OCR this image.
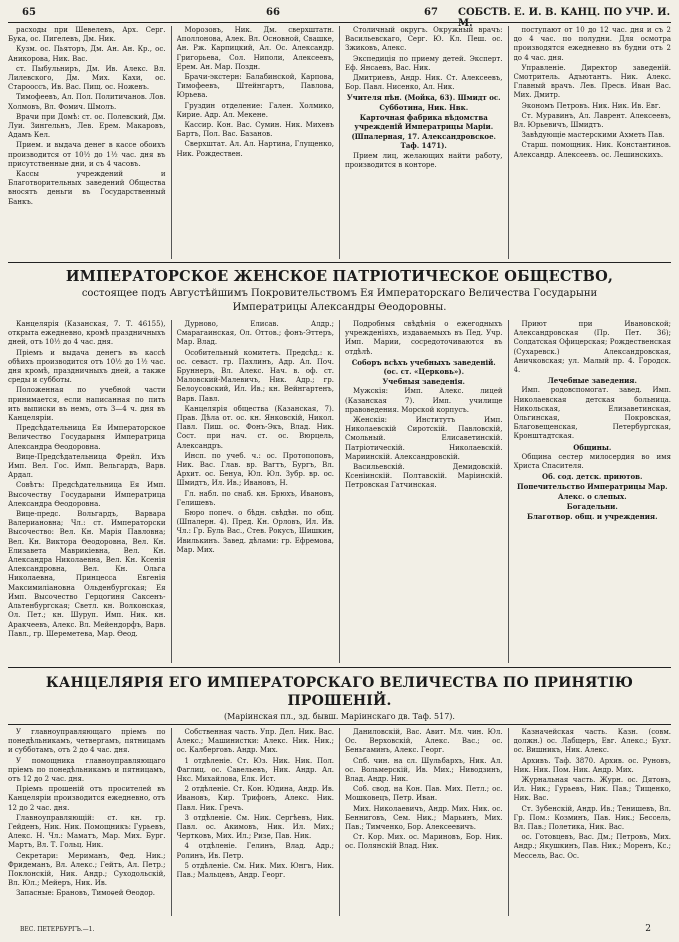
65	66	67 СОБСТВ. Е. И. В. КАНЦ. ПО УЧР. И. М.

расходы при Шевелевъ, Арх. Серг. Бука, ос. Пигелевъ, Дм. Ник.

Кузм. ос. Пьяторъ, Дм. Ан. Ан. Кр., ос. Аникорова, Ник. Вас.

ст. Пыбульниръ, Дм. Ив. Алекс. Вл. Лилевского, Дм. Мих. Кахи, ос. Старооссъ, Ив. Вас. Пищ. ос. Ножевъ.

Тимофеевъ, Ал. Пол. Политичанов. Лов. Холмовъ, Вл. Фомич. Шмолъ.

Врачи при Домѣ: ст. ос. Полевский, Дм. Луи. Зингельнъ, Лев. Ерем. Макаровъ, Адамъ Кел.

Прием. и выдача денег в кассе обоихъ производится от 10½ до 1½ час. дня въ присутственные дни, и съ 4 часовъ.

Кассы учреждений и Благотворительных заведений Общества вносятъ деньги въ Государственный Банкъ.

Морозовъ, Ник. Дм. сверхштатн. Аполлонова, Алек. Вл. Основной, Свашке, Ан. Рж. Карпицкий, Ал. Ос. Александр. Григорьева, Сол. Ниполи, Алексеевъ, Ерем. Ан. Мар. Поздн.

Брачи-экстерн: Балабинской, Карпова, Тимофеевъ, Штейнгартъ, Павлова, Юрьева.

Груздин отделение: Гален. Холмико, Кирие. Адр. Ал. Мекене.

Кассир. Кон. Вас. Сумин. Ник. Михевъ Бартъ, Пол. Вас. Базанов.

Сверхштат. Ал. Ал. Нартина, Глущенко, Ник. Рождествен.

Столичный округъ. Окружный врачъ: Васильевскаго, Серг. Ю. Кл. Пеш. ос. Зжиковъ, Алекс.

Экспедиція по приему детей. Эксперт. Еф. Янсаевъ, Вас. Ник.

Дмитриевъ, Андр. Ник. Ст. Алексеевъ, Бор. Павл. Нисенко, Ал. Ник.

Учителя пѣн. (Мойка, 63). Шмидт ос. Субботина, Ник. Нвк.

Карточная фабрика вѣдомства учрежденій Императрицы Маріи.

(Шпалерная, 17. Александровское. Таф. 1471).

Прием лиц, желающих найти работу, производится в конторе.

поступают от 10 до 12 час. дня и съ 2 до 4 час. по полудни. Для осмотра производятся ежедневно въ будни отъ 2 до 4 час. дня.

Управленіе. Директор заведеній. Смотритель. Адъютантъ. Ник. Алекс. Главный врачъ. Лев. Пресв. Иван Вас. Мих. Дмитр.

Экономъ Петровъ. Ник. Ник. Ив. Евг.

Ст. Муравинъ, Ал. Лаврент. Алексеевъ, Вл. Юрьевичъ, Шмидтъ.

Завѣдующіе мастерскими Ахметь Пав.

Старш. помощник. Ник. Константинов. Александр. Алексеевъ. ос. Лешинскихъ.

ИМПЕРАТОРСКОЕ ЖЕНСКОЕ ПАТРІОТИЧЕСКОЕ ОБЩЕСТВО,
состоящее подъ Августѣйшимъ Покровительствомъ Ея Императорскаго Величества Государыни
Императрицы Александры Ѳеодоровны.

Канцелярія (Казанская, 7. Т. 46155), открыта ежедневно, кромѣ праздничныхъ дней, отъ 10½ до 4 час. дня.

Пріемъ и выдача денегъ въ кассѣ обѣихъ производится отъ 10½ до 1½ час. дня кромѣ, праздничныхъ дней, а также среды и субботы.

Положенная по учебной части принимается, если написанная по пить ить выписки въ немъ, отъ 3—4 ч. дня въ Канцеляріи.

Предсѣдательница Ея Императорское Величество Государыня Императрица Александра Ѳеодоровна.

Вице-Предсѣдательница Фрейл. Ихъ Имп. Вел. Гос. Имп. Вельгардъ, Варв. Ардал.

Совѣтъ: Предсѣдательница Ея Имп. Высочеству Государыни Императрица Александра Ѳеодоровна.

Вице-предс. Вольгардъ, Варвара Валериановна; Чл.: ст. Императорски Высочество: Вел. Кн. Марія Павловна; Вел. Кн. Виктора Ѳеодоровна, Вел. Кн. Елизавета Маврикіевна, Вел. Кн. Александра Николаевна, Вел. Кн. Ксенія Александровна, Вел. Кн. Ольга Николаевна, Принцесса Евгенія Максимиліановна Ольденбургская; Ея Имп. Высочество Герцогиня Саксенъ-Альтенбургская; Светл. кн. Волконская, Ол. Пет.; кн. Шуруп. Имп. Ник. кн. Аракчеевъ, Алекс. Вл. Мейендорфъ, Варв. Павл., гр. Шереметева, Мар. Ѳеод.

Дурново, Елисав. Алдр.; Смарагаинская, Ол. Оттов.; фонъ-Эттеръ, Мар. Влад.

Особительный комитетъ. Предсѣд.: к. ос. севаст. гр. Пахлинъ, Адр. Ал. Поч. Бруннеръ, Вл. Алекс. Нач. в. оф. ст. Маловский-Малевичъ, Ник. Адр.; гр. Белоусовский, Ил. Ив.; кн. Вейнгартенъ, Варв. Павл.

Канцелярія общества (Казанская, 7). Прав. Дѣла от. ос. кн. Янковскій, Никол. Павл. Пиш. ос. Фонъ-Экъ, Влад. Ник. Сост. при нач. ст. ос. Вюрцель, Александръ.

Инсп. по учеб. ч.: ос. Протопоповъ, Ник. Вас. Глав. вр. Вагтъ, Бургъ, Вл. Архит. ос. Бенуа, Юл. Юл. Зубр. вр. ос. Шмидтъ, Ил. Ив.; Ивановъ, Н.

Гл. набл. по снаб. кн. Брюхъ, Ивановъ, Гелишевъ.

Бюро попеч. о бѣдн. свѣдѣн. по общ. (Шпалерн. 4). Пред. Кн. Орловъ, Ил. Ив. Чл.: Гр. Буль Вас., Стев. Рокусъ, Шишкин, Ивилькинъ. Завед. дѣлами: гр. Ефремова, Мар. Мих.

Подробныя свѣдѣнія о ежегодныхъ учрежденіяхъ, издаваемыхъ въ Пед. Учр. Имп. Марии, сосредоточиваются въ отдѣлѣ.

Соборъ всѣхъ учебныхъ заведеній. (ос. ст. «Церковь»).

Учебныя заведенія.

Мужскія: Имп. Алекс. лицей (Казанская 7). Имп. училище правоведения. Морской корпусъ.

Женскія: Институтъ Имп. Николаевскій Сиротскій. Павловскій, Смольный. Елисаветинскій. Патріотическій. Николаевскій. Мариинскій. Александровскій.

Васильевскій. Демидовскій. Ксеніинскій. Полтавскій. Маріинскій. Петровская Гатчинская.

Приют при Ивановской; Александровская (Пр. Пет. 36); Солдатская Офицерская; Рождественская (Сухаревск.) Александровская, Аничковская; ул. Малый пр. 4. Городск. 4.

Лечебные заведения.

Имп. родовспомогат. завед. Имп. Николаевская детская больница. Никольская, Елизаветинская, Ольгинская, Покровская, Благовещенская, Петербургская, Кронштадтская.

Общины.

Община сестер милосердия во имя Христа Спасителя.

Об. сод. детск. приютов.

Попечительство Императрицы Мар. Алекс. о слепых.

Богадельни.

Благотвор. общ. и учреждения.

КАНЦЕЛЯРІЯ ЕГО ИМПЕРАТОРСКАГО ВЕЛИЧЕСТВА ПО ПРИНЯТІЮ ПРОШЕНІЙ.
(Маріинская пл., зд. бывш. Маріинскаго дв. Таф. 517).

У главноуправляющаго пріемъ по понедѣльникамъ, четвергамъ, пятницамъ и субботамъ, отъ 2 до 4 час. дня.

У помощника главноуправляющаго пріемъ по понедѣльникамъ и пятницамъ, отъ 12 до 2 час. дня.

Пріемъ прошеній отъ просителей въ Канцеляріи производится ежедневно, отъ 12 до 2 час. дня.

Главноуправляющій: ст. кн. гр. Гейденъ, Ник. Ник. Помощникъ: Гурьевъ, Алекс. Н. Чл.: Маматъ, Мар. Мих. Бург. Мартъ, Вл. Т. Гольц. Ник.

Секретари: Мериманъ, Фед. Ник.; Фридеманъ, Вл. Алекс.; Гейтъ, Ал. Петр.; Поклонскій, Ник. Андр.; Суходольскій, Вл. Юл.; Мейеръ, Ник. Ив.

Запасные: Брановъ, Тимоѳей Ѳеодор.

Собственная часть. Упр. Дел. Ник. Вас. Алекс.; Машинистки: Алекс. Ник. Ник.; ос. Калберговъ. Андр. Мих.

1 отдѣленіе. Ст. Юз. Ник. Ник. Пол. Фаглиц. ос. Савельевъ, Ник. Андр. Ал. Нкс. Михайлова, Елк. Ист.

2 отдѣленіе. Ст. Кон. Юдина, Андр. Ив. Ивановъ, Кир. Трифонъ, Алекс. Ник. Павл. Ник. Гречъ.

3 отдѣленіе. См. Ник. Сергѣевъ, Ник. Павл. ос. Акимовъ, Ник. Ил. Мих.; Чертковъ, Мих. Ил.; Ризе, Пав. Ник.

4 отдѣленіе. Гелинъ, Влад. Адр.; Ролинъ, Ив. Петр.

5 отдѣленіе. См. Ник. Мих. Юнгъ, Ник. Пав.; Мальцевъ, Андр. Георг.

Даниловскій, Вас. Авит. Мл. чин. Юл. Ос. Верховскій, Алекс. Вас.; ос. Беньгаминъ, Алекс. Георг.

Спб. чин. на сл. Шульбархъ, Ник. Ал. ос. Вольмерскій, Ив. Мих.; Ниводзинъ, Влад. Андр. Ник.

Соб. свод. на Кон. Пав. Мих. Петл.; ос. Мошковецъ, Петр. Иван.

Мих. Николаевичъ, Андр. Мих. Ник. ос. Бенниговъ, Сем. Ник.; Марьинъ, Мих. Пав.; Тимченко, Бор. Алексеевичъ.

Ст. Кор. Мих. ос. Мариновъ, Бор. Ник. ос. Полянскій Влад. Ник.

Казначейская часть. Казн. (совм. должн.) ос. Лабщеръ, Евг. Алекс.; Бухг. ос. Вишникъ, Ник. Алекс.

Архивъ. Таф. 3870. Архив. ос. Руновъ, Ник. Ник. Пом. Ник. Андр. Мих.

Журнальная часть. Журн. ос. Дятовъ, Ил. Ник.; Гурьевъ, Ник. Пав.; Тищенко, Ник. Вас.

Ст. Зубенскій, Андр. Ив.; Тенишевъ, Вл. Гр. Пом.: Козминъ, Пав. Ник.; Бессель, Вл. Пав.; Полетика, Ник. Вас.

ос. Готовцевъ, Вас. Дм.; Петровъ, Мих. Андр.; Якушкинъ, Пав. Ник.; Моренъ, Кс.; Мессель, Вас. Ос.

ВЕС. ПЕТЕРБУРГЪ.—1.	2
